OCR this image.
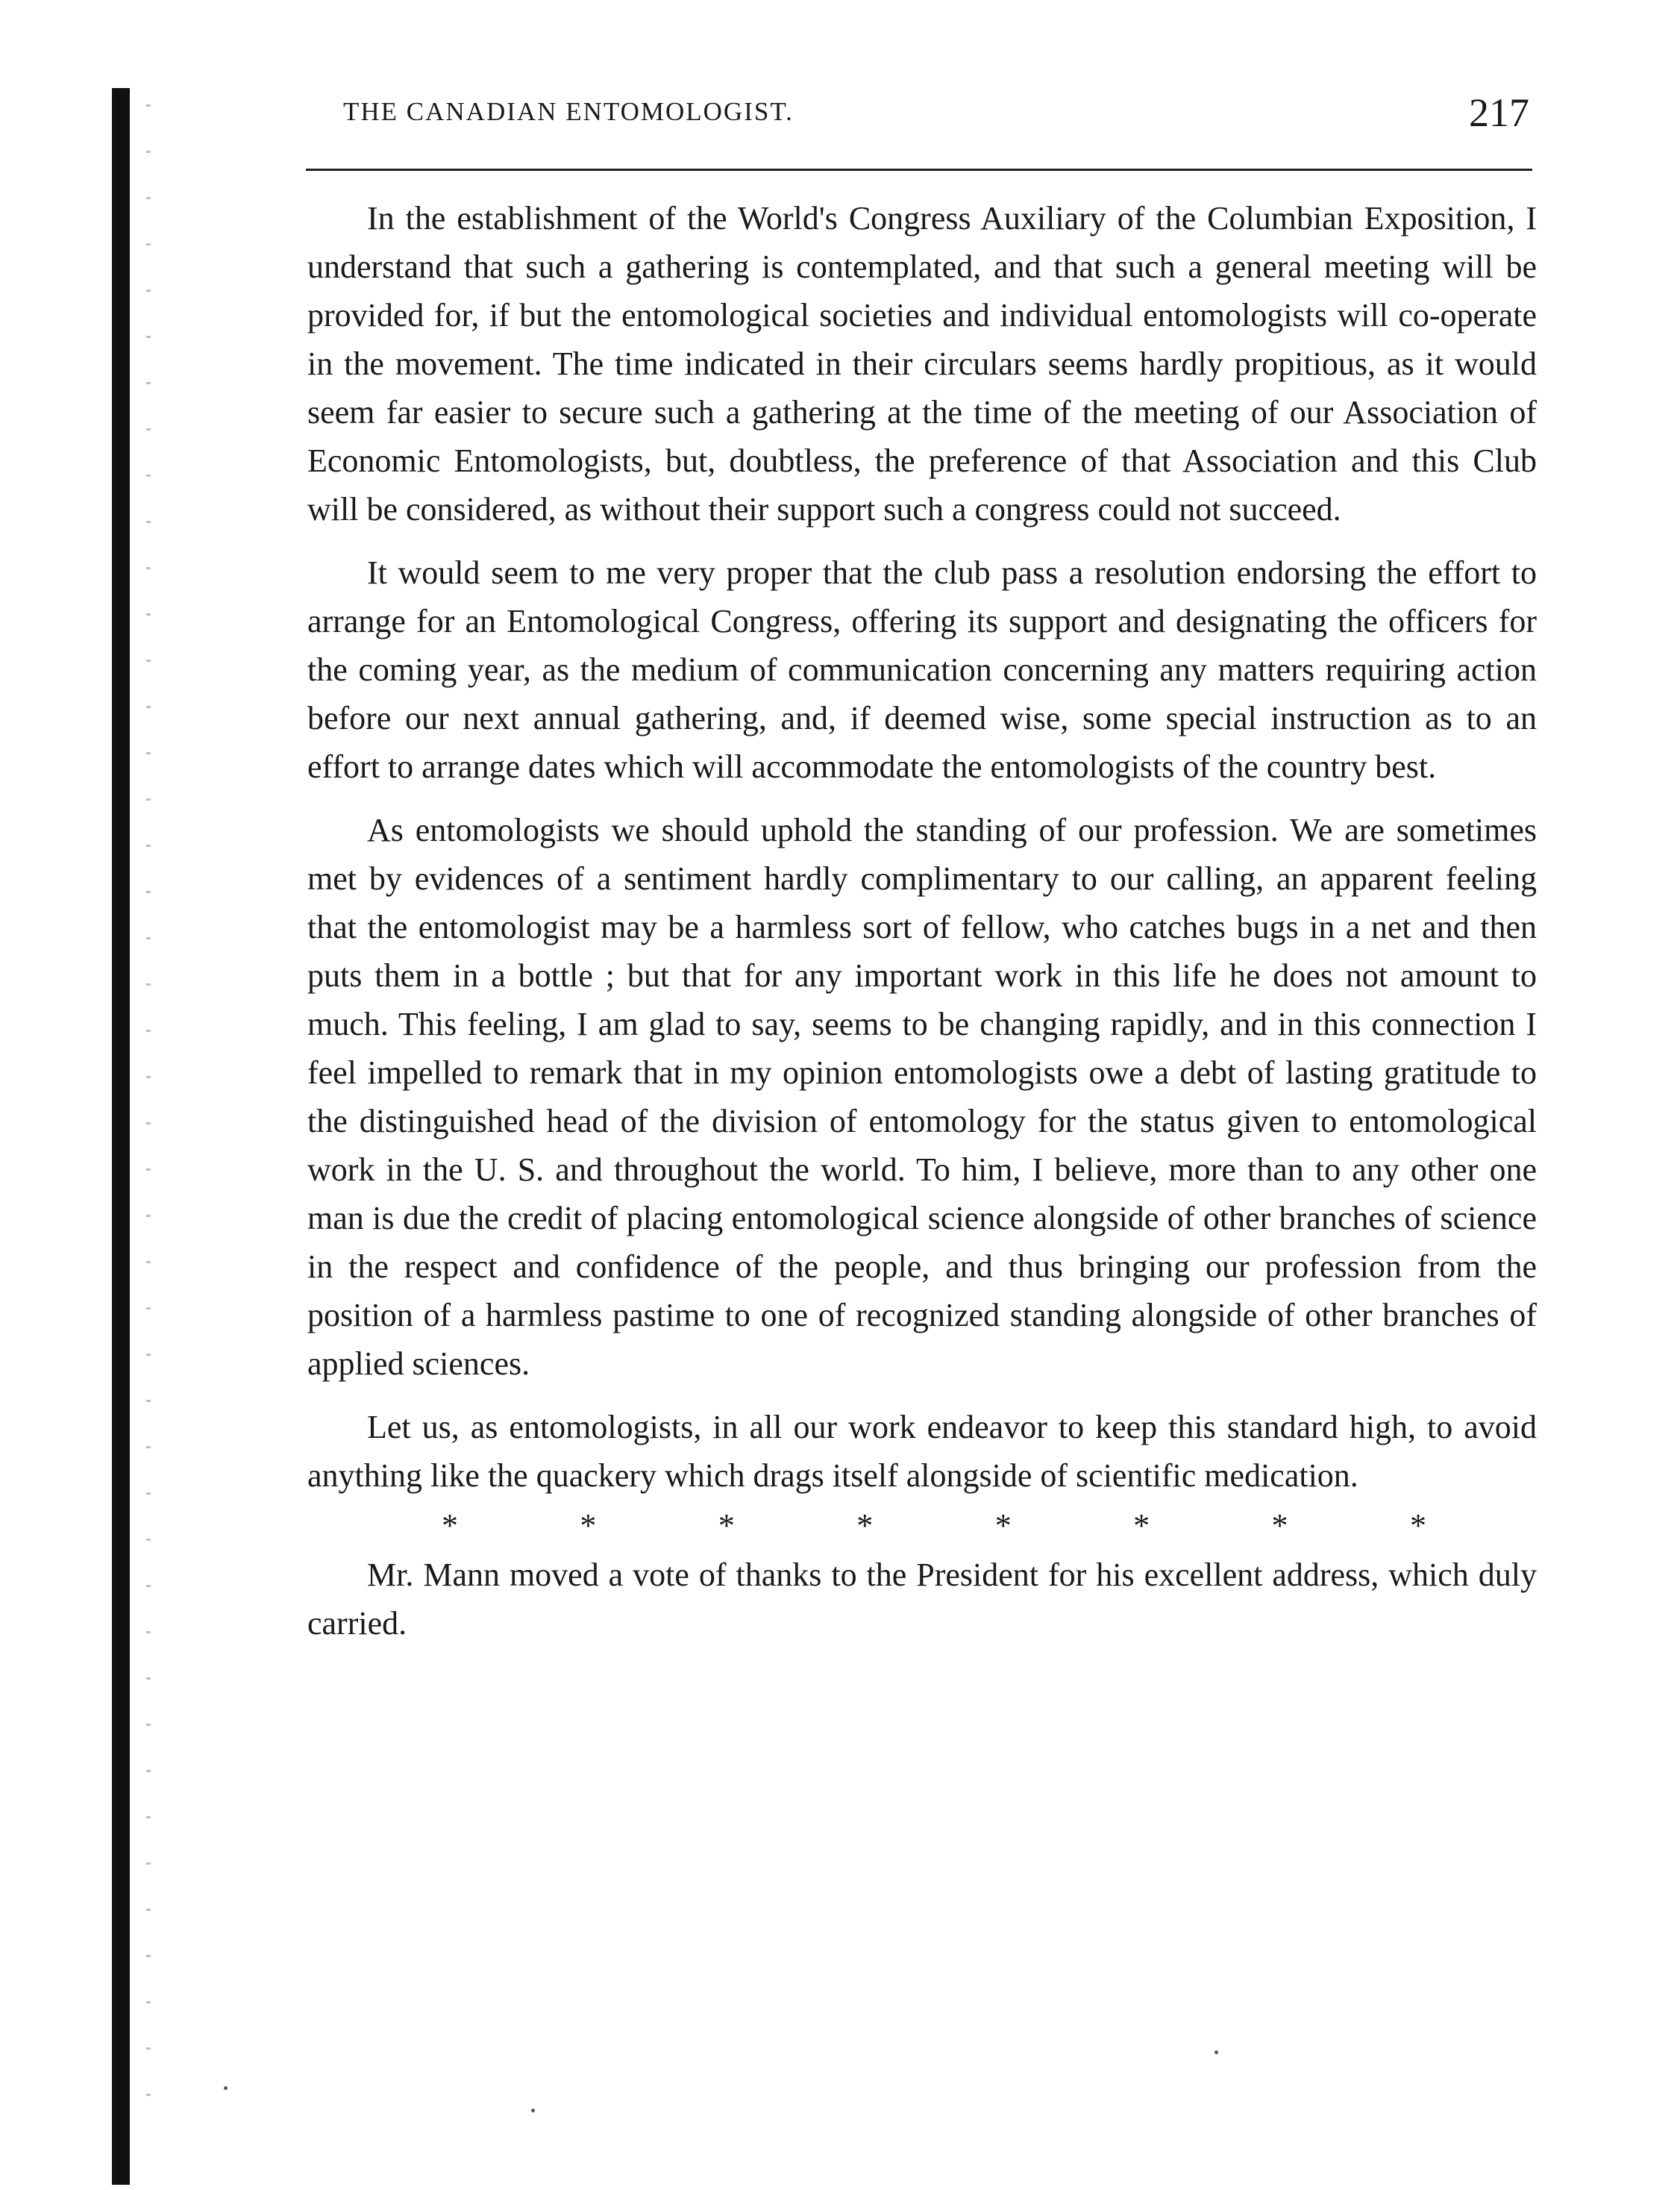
217
THE CANADIAN ENTOMOLOGIST.

In the establishment of the World's Congress Auxiliary of the Columbian Exposition, I understand that such a gathering is contemplated, and that such a general meeting will be provided for, if but the entomological societies and individual entomologists will co-operate in the movement. The time indicated in their circulars seems hardly propitious, as it would seem far easier to secure such a gathering at the time of the meeting of our Association of Economic Entomologists, but, doubtless, the preference of that Association and this Club will be considered, as without their support such a congress could not succeed.

It would seem to me very proper that the club pass a resolution endorsing the effort to arrange for an Entomological Congress, offering its support and designating the officers for the coming year, as the medium of communication concerning any matters requiring action before our next annual gathering, and, if deemed wise, some special instruction as to an effort to arrange dates which will accommodate the entomologists of the country best.

As entomologists we should uphold the standing of our profession. We are sometimes met by evidences of a sentiment hardly complimentary to our calling, an apparent feeling that the entomologist may be a harmless sort of fellow, who catches bugs in a net and then puts them in a bottle ; but that for any important work in this life he does not amount to much. This feeling, I am glad to say, seems to be changing rapidly, and in this connection I feel impelled to remark that in my opinion entomologists owe a debt of lasting gratitude to the distinguished head of the division of entomology for the status given to entomological work in the U. S. and throughout the world. To him, I believe, more than to any other one man is due the credit of placing entomological science alongside of other branches of science in the respect and confidence of the people, and thus bringing our profession from the position of a harmless pastime to one of recognized standing alongside of other branches of applied sciences.

Let us, as entomologists, in all our work endeavor to keep this standard high, to avoid anything like the quackery which drags itself alongside of scientific medication.

*	*	*	*	*	*	*	*

Mr. Mann moved a vote of thanks to the President for his excellent address, which duly carried.
